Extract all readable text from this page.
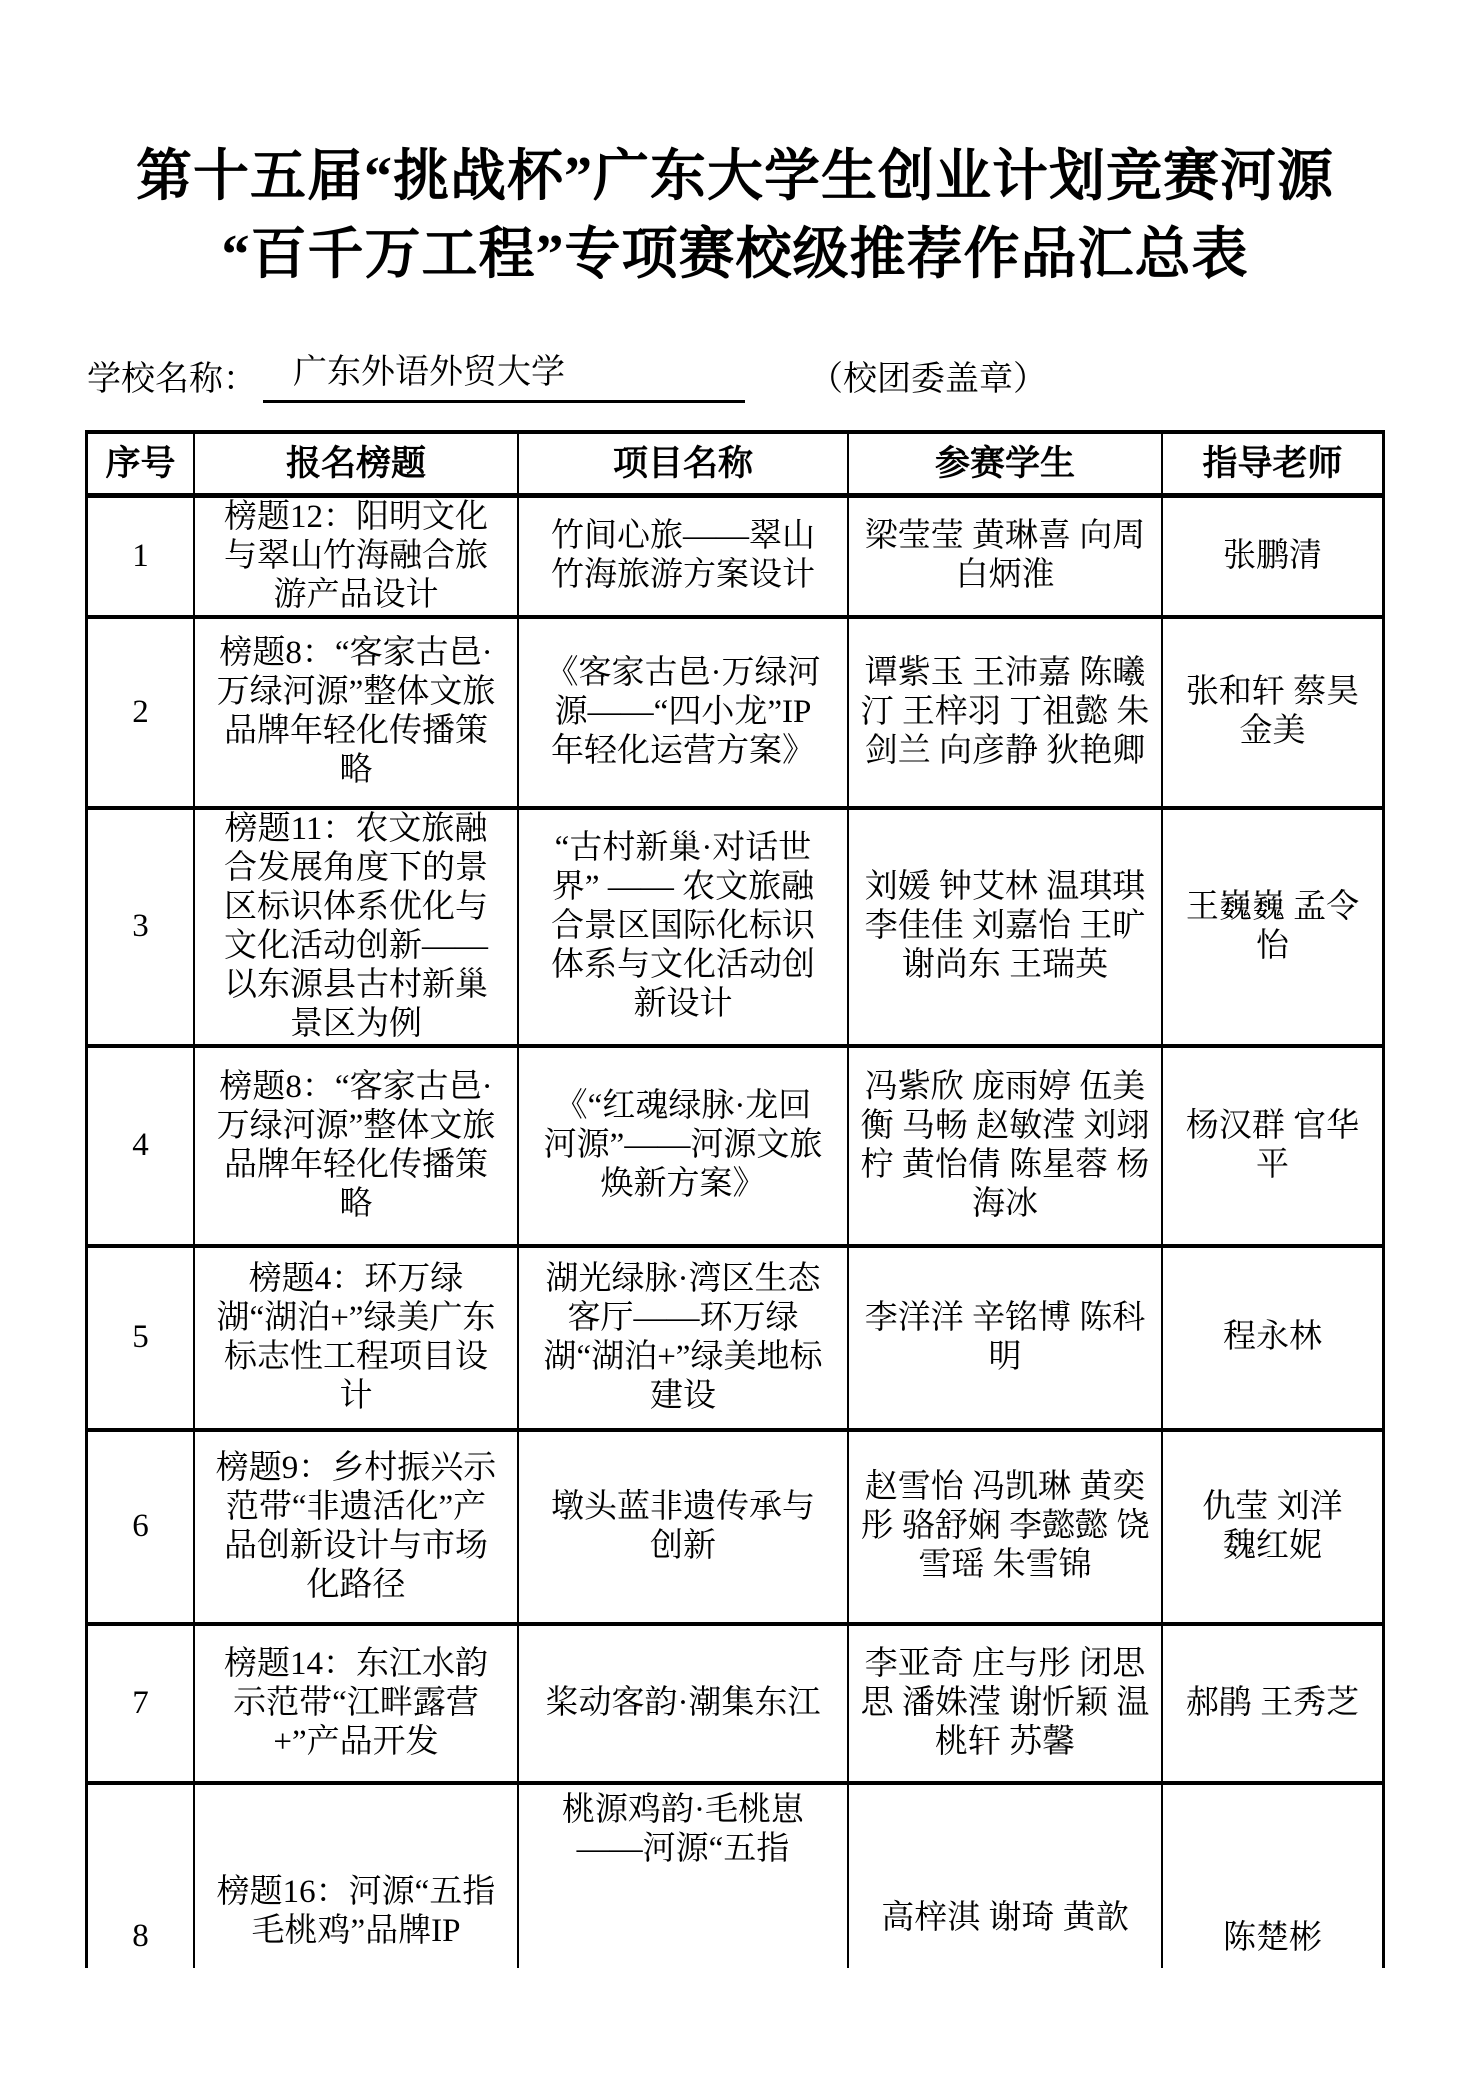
第十五届“挑战杯”广东大学生创业计划竞赛河源
“百千万工程”专项赛校级推荐作品汇总表
学校名称： 广东外语外贸大学	（校团委盖章）
序号	报名榜题	项目名称	参赛学生	指导老师
1	榜题12：阳明文化与翠山竹海融合旅游产品设计	竹间心旅——翠山竹海旅游方案设计	梁莹莹 黄琳喜 向周 白炳淮	张鹏清
2	榜题8：“客家古邑·万绿河源”整体文旅品牌年轻化传播策略	《客家古邑·万绿河源——“四小龙”IP年轻化运营方案》	谭紫玉 王沛嘉 陈曦汀 王梓羽 丁祖懿 朱剑兰 向彦静 狄艳卿	张和轩 蔡昊 金美
3	榜题11：农文旅融合发展角度下的景区标识体系优化与文化活动创新——以东源县古村新巢景区为例	“古村新巢·对话世界” —— 农文旅融合景区国际化标识体系与文化活动创新设计	刘媛 钟艾林 温琪琪 李佳佳 刘嘉怡 王旷 谢尚东 王瑞英	王巍巍 孟令怡
4	榜题8：“客家古邑·万绿河源”整体文旅品牌年轻化传播策略	《“红魂绿脉·龙回河源”——河源文旅焕新方案》	冯紫欣 庞雨婷 伍美衡 马畅 赵敏滢 刘翊柠 黄怡倩 陈星蓉 杨海冰	杨汉群 官华平
5	榜题4：环万绿湖“湖泊+”绿美广东标志性工程项目设计	湖光绿脉·湾区生态客厅——环万绿湖“湖泊+”绿美地标建设	李洋洋 辛铭博 陈科明	程永林
6	榜题9：乡村振兴示范带“非遗活化”产品创新设计与市场化路径	墩头蓝非遗传承与创新	赵雪怡 冯凯琳 黄奕彤 骆舒娴 李懿懿 饶雪瑶 朱雪锦	仇莹 刘洋 魏红妮
7	榜题14：东江水韵示范带“江畔露营+”产品开发	桨动客韵·潮集东江	李亚奇 庄与彤 闭思思 潘姝滢 谢忻颖 温桃轩 苏馨	郝鹃 王秀芝
8	榜题16：河源“五指毛桃鸡”品牌IP	桃源鸡韵·毛桃崽——河源“五指	高梓淇 谢琦 黄歆	陈楚彬
